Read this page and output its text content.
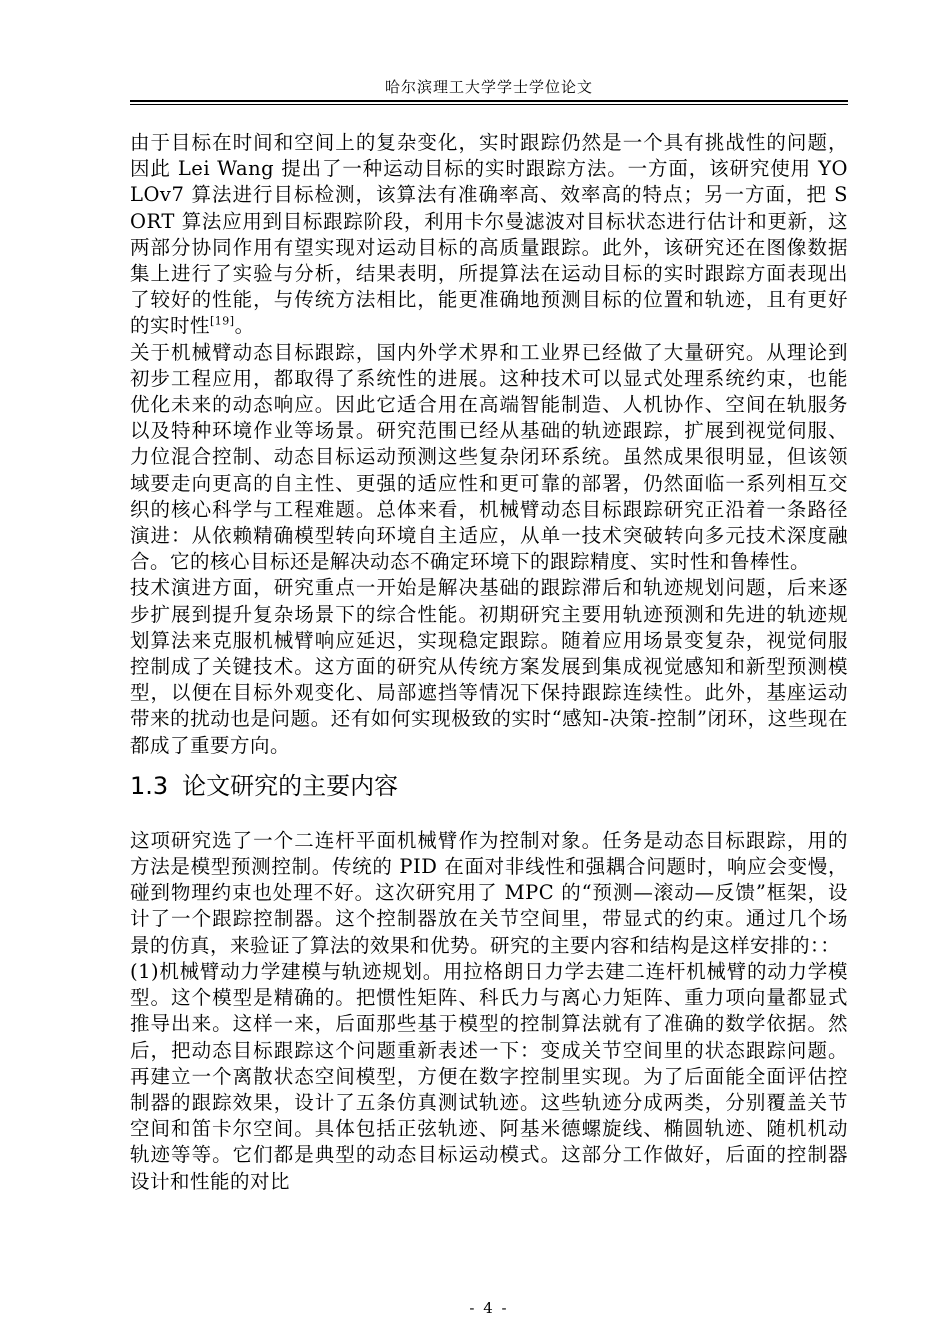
哈尔滨理工大学学士学位论文

由于目标在时间和空间上的复杂变化，实时跟踪仍然是一个具有挑战性的问题，因此 Lei Wang 提出了一种运动目标的实时跟踪方法。一方面，该研究使用 YOLOv7 算法进行目标检测，该算法有准确率高、效率高的特点；另一方面，把 SORT 算法应用到目标跟踪阶段，利用卡尔曼滤波对目标状态进行估计和更新，这两部分协同作用有望实现对运动目标的高质量跟踪。此外，该研究还在图像数据集上进行了实验与分析，结果表明，所提算法在运动目标的实时跟踪方面表现出了较好的性能，与传统方法相比，能更准确地预测目标的位置和轨迹，且有更好的实时性[19]。

关于机械臂动态目标跟踪，国内外学术界和工业界已经做了大量研究。从理论到初步工程应用，都取得了系统性的进展。这种技术可以显式处理系统约束，也能优化未来的动态响应。因此它适合用在高端智能制造、人机协作、空间在轨服务以及特种环境作业等场景。研究范围已经从基础的轨迹跟踪，扩展到视觉伺服、力位混合控制、动态目标运动预测这些复杂闭环系统。虽然成果很明显，但该领域要走向更高的自主性、更强的适应性和更可靠的部署，仍然面临一系列相互交织的核心科学与工程难题。总体来看，机械臂动态目标跟踪研究正沿着一条路径演进：从依赖精确模型转向环境自主适应，从单一技术突破转向多元技术深度融合。它的核心目标还是解决动态不确定环境下的跟踪精度、实时性和鲁棒性。

技术演进方面，研究重点一开始是解决基础的跟踪滞后和轨迹规划问题，后来逐步扩展到提升复杂场景下的综合性能。初期研究主要用轨迹预测和先进的轨迹规划算法来克服机械臂响应延迟，实现稳定跟踪。随着应用场景变复杂，视觉伺服控制成了关键技术。这方面的研究从传统方案发展到集成视觉感知和新型预测模型，以便在目标外观变化、局部遮挡等情况下保持跟踪连续性。此外，基座运动带来的扰动也是问题。还有如何实现极致的实时“感知-决策-控制”闭环，这些现在都成了重要方向。

1.3 论文研究的主要内容

这项研究选了一个二连杆平面机械臂作为控制对象。任务是动态目标跟踪，用的方法是模型预测控制。传统的 PID 在面对非线性和强耦合问题时，响应会变慢，碰到物理约束也处理不好。这次研究用了 MPC 的“预测—滚动—反馈”框架，设计了一个跟踪控制器。这个控制器放在关节空间里，带显式的约束。通过几个场景的仿真，来验证了算法的效果和优势。研究的主要内容和结构是这样安排的：：

(1)机械臂动力学建模与轨迹规划。用拉格朗日力学去建二连杆机械臂的动力学模型。这个模型是精确的。把惯性矩阵、科氏力与离心力矩阵、重力项向量都显式推导出来。这样一来，后面那些基于模型的控制算法就有了准确的数学依据。然后，把动态目标跟踪这个问题重新表述一下：变成关节空间里的状态跟踪问题。再建立一个离散状态空间模型，方便在数字控制里实现。为了后面能全面评估控制器的跟踪效果，设计了五条仿真测试轨迹。这些轨迹分成两类，分别覆盖关节空间和笛卡尔空间。具体包括正弦轨迹、阿基米德螺旋线、椭圆轨迹、随机机动轨迹等等。它们都是典型的动态目标运动模式。这部分工作做好，后面的控制器设计和性能的对比

- 4 -
